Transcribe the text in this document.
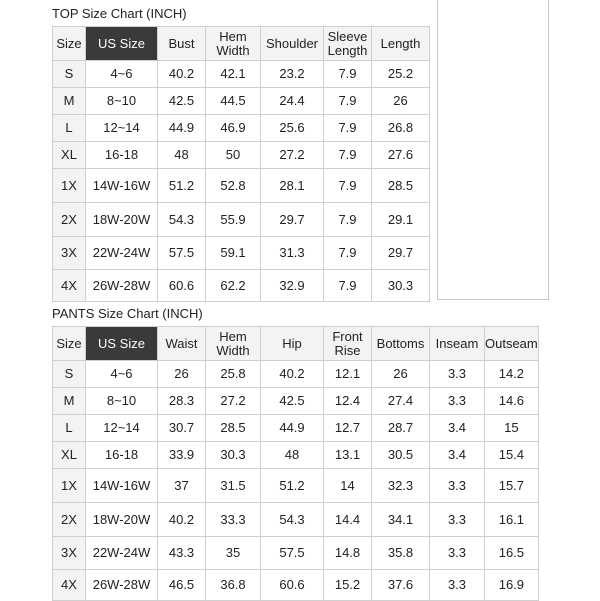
TOP Size Chart (INCH)
Size	US Size	Bust	Hem Width	Shoulder	Sleeve Length	Length
S	4~6	40.2	42.1	23.2	7.9	25.2
M	8~10	42.5	44.5	24.4	7.9	26
L	12~14	44.9	46.9	25.6	7.9	26.8
XL	16-18	48	50	27.2	7.9	27.6
1X	14W-16W	51.2	52.8	28.1	7.9	28.5
2X	18W-20W	54.3	55.9	29.7	7.9	29.1
3X	22W-24W	57.5	59.1	31.3	7.9	29.7
4X	26W-28W	60.6	62.2	32.9	7.9	30.3
PANTS Size Chart (INCH)
Size	US Size	Waist	Hem Width	Hip	Front Rise	Bottoms	Inseam	Outseam
S	4~6	26	25.8	40.2	12.1	26	3.3	14.2
M	8~10	28.3	27.2	42.5	12.4	27.4	3.3	14.6
L	12~14	30.7	28.5	44.9	12.7	28.7	3.4	15
XL	16-18	33.9	30.3	48	13.1	30.5	3.4	15.4
1X	14W-16W	37	31.5	51.2	14	32.3	3.3	15.7
2X	18W-20W	40.2	33.3	54.3	14.4	34.1	3.3	16.1
3X	22W-24W	43.3	35	57.5	14.8	35.8	3.3	16.5
4X	26W-28W	46.5	36.8	60.6	15.2	37.6	3.3	16.9
